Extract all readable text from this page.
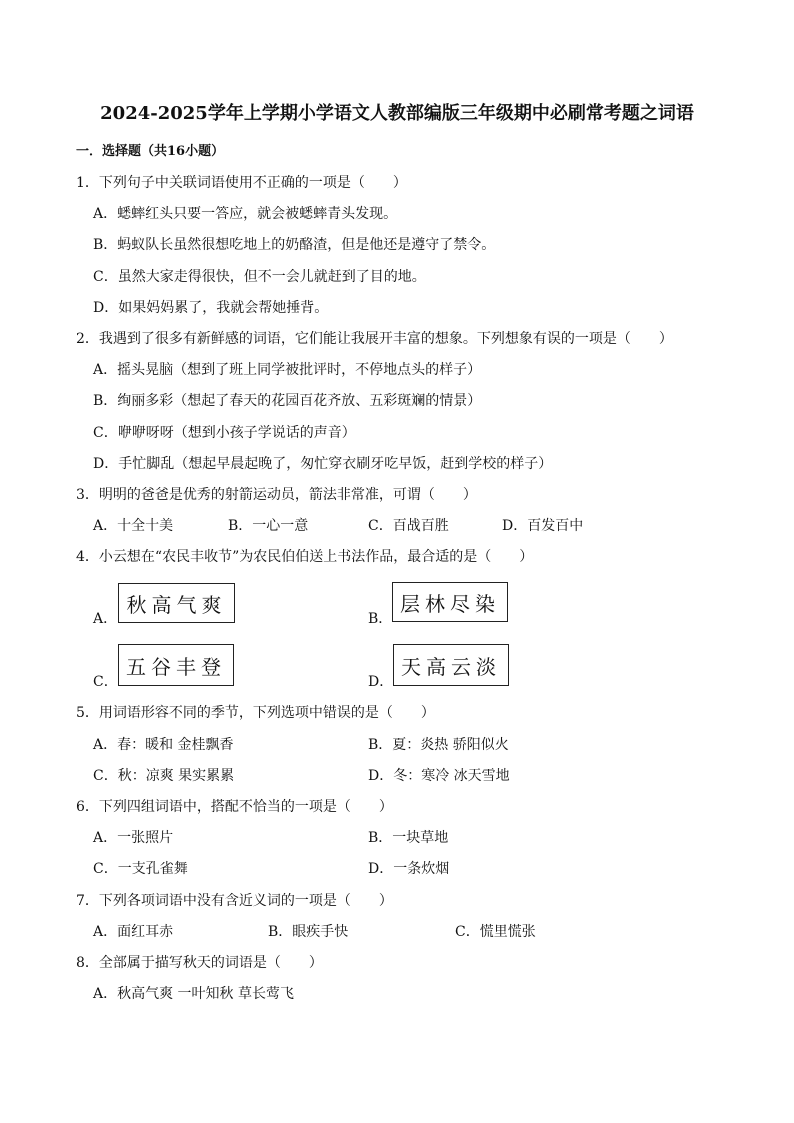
2024-2025学年上学期小学语文人教部编版三年级期中必刷常考题之词语
一．选择题（共16小题）
1．下列句子中关联词语使用不正确的一项是（　　）
A．蟋蟀红头只要一答应，就会被蟋蟀青头发现。
B．蚂蚁队长虽然很想吃地上的奶酪渣，但是他还是遵守了禁令。
C．虽然大家走得很快，但不一会儿就赶到了目的地。
D．如果妈妈累了，我就会帮她捶背。
2．我遇到了很多有新鲜感的词语，它们能让我展开丰富的想象。下列想象有误的一项是（　　）
A．摇头晃脑（想到了班上同学被批评时，不停地点头的样子）
B．绚丽多彩（想起了春天的花园百花齐放、五彩斑斓的情景）
C．咿咿呀呀（想到小孩子学说话的声音）
D．手忙脚乱（想起早晨起晚了，匆忙穿衣刷牙吃早饭，赶到学校的样子）
3．明明的爸爸是优秀的射箭运动员，箭法非常准，可谓（　　）
A．十全十美	B．一心一意	C．百战百胜	D．百发百中
4．小云想在“农民丰收节”为农民伯伯送上书法作品，最合适的是（　　）
A．
秋高气爽
B．
层林尽染
C．
五谷丰登
D．
天高云淡
5．用词语形容不同的季节，下列选项中错误的是（　　）
A．春：暖和 金桂飘香	B．夏：炎热 骄阳似火
C．秋：凉爽 果实累累	D．冬：寒冷 冰天雪地
6．下列四组词语中，搭配不恰当的一项是（　　）
A．一张照片	B．一块草地
C．一支孔雀舞	D．一条炊烟
7．下列各项词语中没有含近义词的一项是（　　）
A．面红耳赤	B．眼疾手快	C．慌里慌张
8．全部属于描写秋天的词语是（　　）
A．秋高气爽 一叶知秋 草长莺飞
